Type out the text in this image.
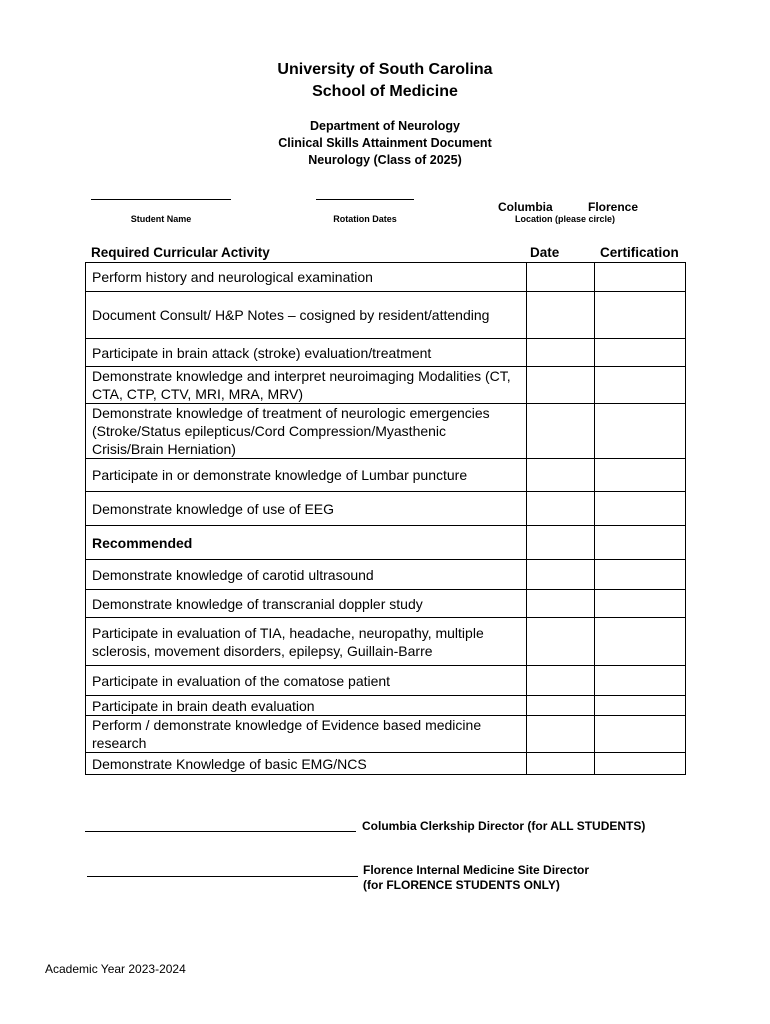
University of South Carolina
School of Medicine
Department of Neurology
Clinical Skills Attainment Document
Neurology (Class of 2025)
Student Name	Rotation Dates
Columbia	Florence
Location (please circle)
Required Curricular Activity	Date	Certification
Perform history and neurological examination		
Document Consult/ H&P Notes – cosigned by resident/attending		
Participate in brain attack (stroke) evaluation/treatment		
Demonstrate knowledge and interpret neuroimaging Modalities (CT, CTA, CTP, CTV, MRI, MRA, MRV)		
Demonstrate knowledge of treatment of neurologic emergencies (Stroke/Status epilepticus/Cord Compression/Myasthenic Crisis/Brain Herniation)		
Participate in or demonstrate knowledge of Lumbar puncture		
Demonstrate knowledge of use of EEG		
Recommended		
Demonstrate knowledge of carotid ultrasound		
Demonstrate knowledge of transcranial doppler study		
Participate in evaluation of TIA, headache, neuropathy, multiple sclerosis, movement disorders, epilepsy, Guillain-Barre		
Participate in evaluation of the comatose patient		
Participate in brain death evaluation		
Perform / demonstrate knowledge of Evidence based medicine research		
Demonstrate Knowledge of basic EMG/NCS		
Columbia Clerkship Director (for ALL STUDENTS)
Florence Internal Medicine Site Director
(for FLORENCE STUDENTS ONLY)
Academic Year 2023-2024
